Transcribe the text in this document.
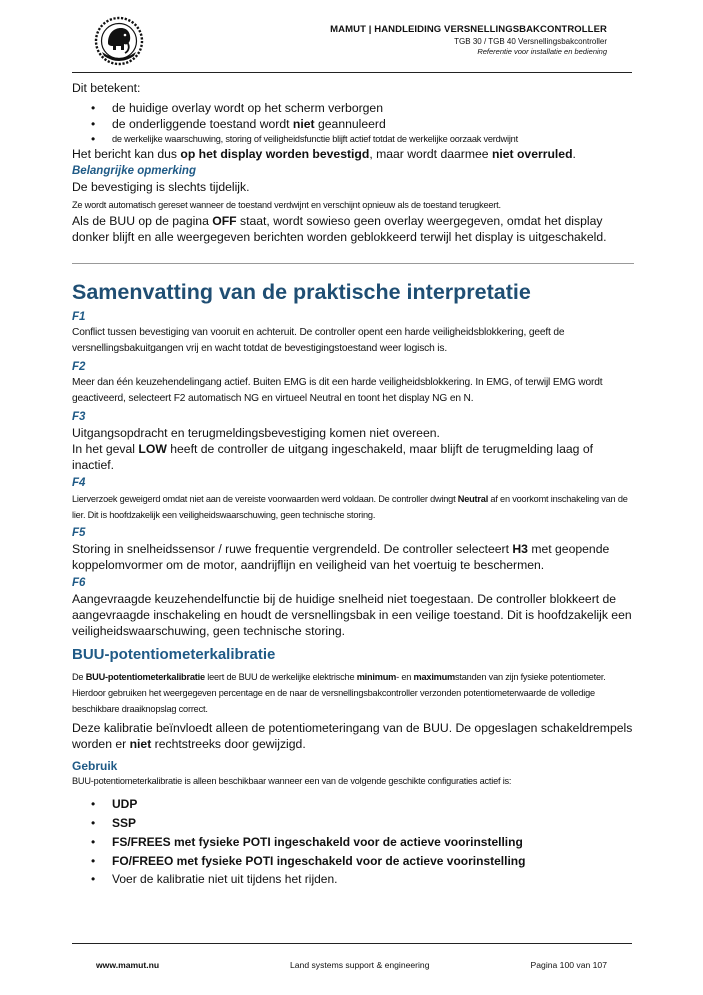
MAMUT | HANDLEIDING VERSNELLINGSBAKCONTROLLER
TGB 30 / TGB 40 Versnellingsbakcontroller
Referentie voor installatie en bediening

Dit betekent:

• de huidige overlay wordt op het scherm verborgen
• de onderliggende toestand wordt niet geannuleerd
• de werkelijke waarschuwing, storing of veiligheidsfunctie blijft actief totdat de werkelijke oorzaak verdwijnt

Het bericht kan dus op het display worden bevestigd, maar wordt daarmee niet overruled.

Belangrijke opmerking

De bevestiging is slechts tijdelijk.

Ze wordt automatisch gereset wanneer de toestand verdwijnt en verschijnt opnieuw als de toestand terugkeert.

Als de BUU op de pagina OFF staat, wordt sowieso geen overlay weergegeven, omdat het display donker blijft en alle weergegeven berichten worden geblokkeerd terwijl het display is uitgeschakeld.

Samenvatting van de praktische interpretatie
F1

Conflict tussen bevestiging van vooruit en achteruit. De controller opent een harde veiligheidsblokkering, geeft de versnellingsbakuitgangen vrij en wacht totdat de bevestigingstoestand weer logisch is.

F2

Meer dan één keuzehendelingang actief. Buiten EMG is dit een harde veiligheidsblokkering. In EMG, of terwijl EMG wordt geactiveerd, selecteert F2 automatisch NG en virtueel Neutral en toont het display NG en N.

F3

Uitgangsopdracht en terugmeldingsbevestiging komen niet overeen.

In het geval LOW heeft de controller de uitgang ingeschakeld, maar blijft de terugmelding laag of inactief.

F4

Lierverzoek geweigerd omdat niet aan de vereiste voorwaarden werd voldaan. De controller dwingt Neutral af en voorkomt inschakeling van de lier. Dit is hoofdzakelijk een veiligheidswaarschuwing, geen technische storing.

F5

Storing in snelheidssensor / ruwe frequentie vergrendeld. De controller selecteert H3 met geopende koppelomvormer om de motor, aandrijflijn en veiligheid van het voertuig te beschermen.

F6

Aangevraagde keuzehendelfunctie bij de huidige snelheid niet toegestaan. De controller blokkeert de aangevraagde inschakeling en houdt de versnellingsbak in een veilige toestand. Dit is hoofdzakelijk een veiligheidswaarschuwing, geen technische storing.

BUU-potentiometerkalibratie

De BUU-potentiometerkalibratie leert de BUU de werkelijke elektrische minimum- en maximumstanden van zijn fysieke potentiometer. Hierdoor gebruiken het weergegeven percentage en de naar de versnellingsbakcontroller verzonden potentiometerwaarde de volledige beschikbare draaiknopslag correct.

Deze kalibratie beïnvloedt alleen de potentiometeringang van de BUU. De opgeslagen schakeldrempels worden er niet rechtstreeks door gewijzigd.

Gebruik

BUU-potentiometerkalibratie is alleen beschikbaar wanneer een van de volgende geschikte configuraties actief is:

• UDP
• SSP
• FS/FREES met fysieke POTI ingeschakeld voor de actieve voorinstelling
• FO/FREEO met fysieke POTI ingeschakeld voor de actieve voorinstelling
• Voer de kalibratie niet uit tijdens het rijden.
www.mamut.nu	Land systems support & engineering	Pagina 100 van 107
